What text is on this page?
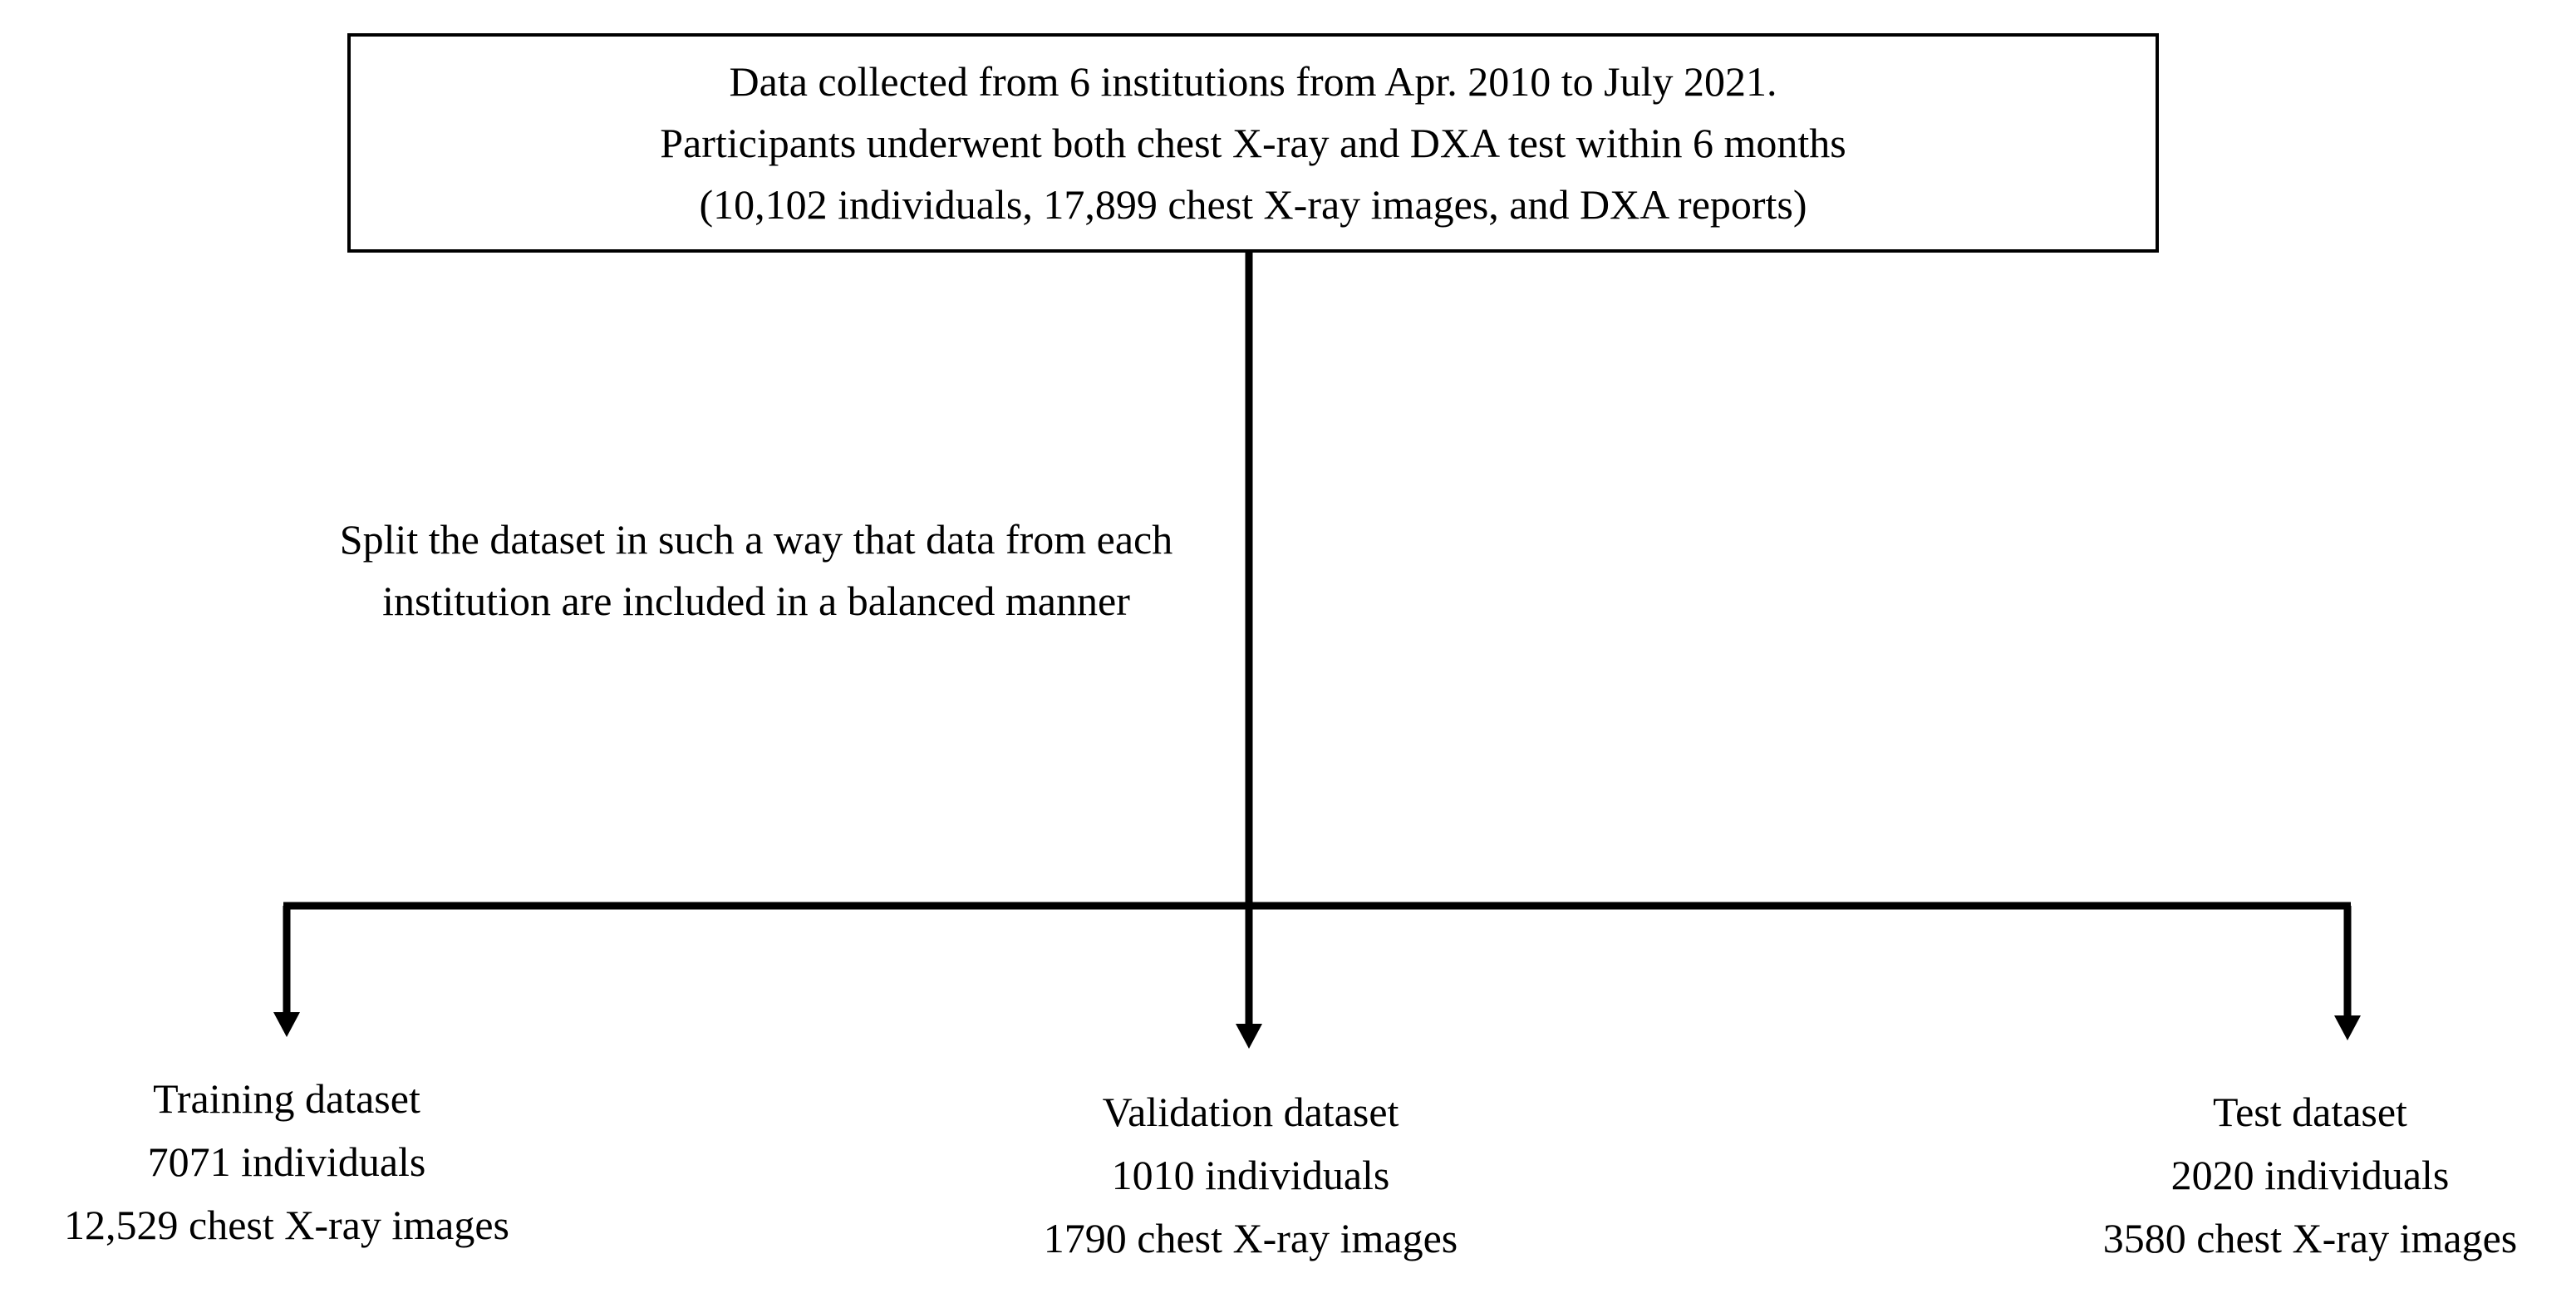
Data collected from 6 institutions from Apr. 2010 to July 2021.
Participants underwent both chest X-ray and DXA test within 6 months
(10,102 individuals, 17,899 chest X-ray images, and DXA reports)
Split the dataset in such a way that data from each
institution are included in a balanced manner
Training dataset
7071 individuals
12,529 chest X-ray images
Validation dataset
1010 individuals
1790 chest X-ray images
Test dataset
2020 individuals
3580 chest X-ray images
